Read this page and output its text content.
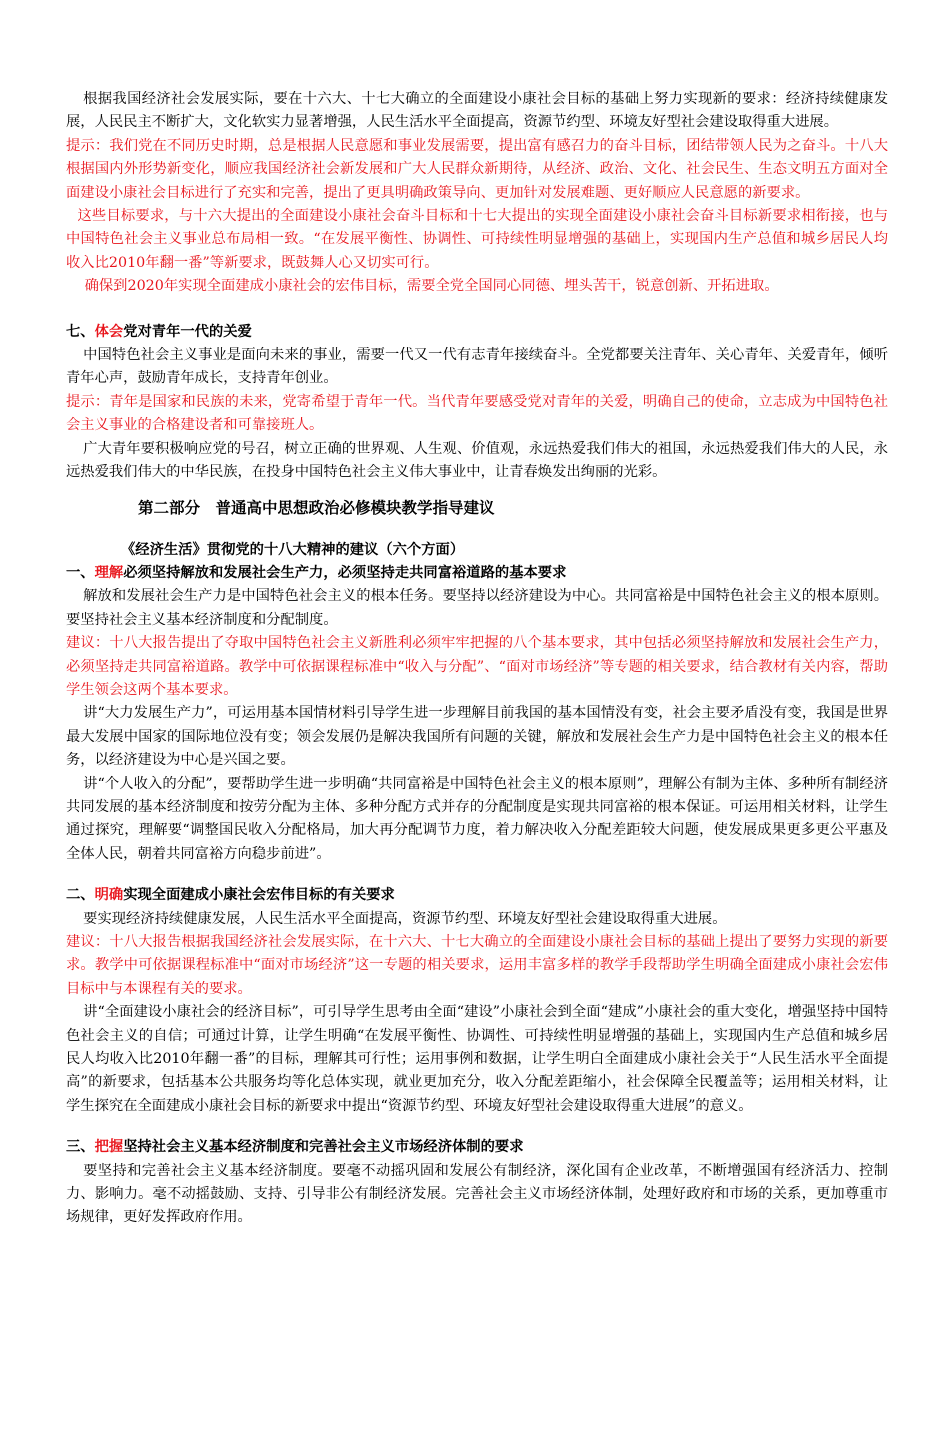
根据我国经济社会发展实际，要在十六大、十七大确立的全面建设小康社会目标的基础上努力实现新的要求：经济持续健康发展，人民民主不断扩大，文化软实力显著增强，人民生活水平全面提高，资源节约型、环境友好型社会建设取得重大进展。

提示：我们党在不同历史时期，总是根据人民意愿和事业发展需要，提出富有感召力的奋斗目标，团结带领人民为之奋斗。十八大根据国内外形势新变化，顺应我国经济社会新发展和广大人民群众新期待，从经济、政治、文化、社会民生、生态文明五方面对全面建设小康社会目标进行了充实和完善，提出了更具明确政策导向、更加针对发展难题、更好顺应人民意愿的新要求。

这些目标要求，与十六大提出的全面建设小康社会奋斗目标和十七大提出的实现全面建设小康社会奋斗目标新要求相衔接，也与中国特色社会主义事业总布局相一致。“在发展平衡性、协调性、可持续性明显增强的基础上，实现国内生产总值和城乡居民人均收入比2010年翻一番”等新要求，既鼓舞人心又切实可行。

确保到2020年实现全面建成小康社会的宏伟目标，需要全党全国同心同德、埋头苦干，锐意创新、开拓进取。

七、体会党对青年一代的关爱

中国特色社会主义事业是面向未来的事业，需要一代又一代有志青年接续奋斗。全党都要关注青年、关心青年、关爱青年，倾听青年心声，鼓励青年成长，支持青年创业。

提示：青年是国家和民族的未来，党寄希望于青年一代。当代青年要感受党对青年的关爱，明确自己的使命，立志成为中国特色社会主义事业的合格建设者和可靠接班人。

广大青年要积极响应党的号召，树立正确的世界观、人生观、价值观，永远热爱我们伟大的祖国，永远热爱我们伟大的人民，永远热爱我们伟大的中华民族，在投身中国特色社会主义伟大事业中，让青春焕发出绚丽的光彩。

第二部分　普通高中思想政治必修模块教学指导建议

《经济生活》贯彻党的十八大精神的建议（六个方面）

一、理解必须坚持解放和发展社会生产力，必须坚持走共同富裕道路的基本要求

解放和发展社会生产力是中国特色社会主义的根本任务。要坚持以经济建设为中心。共同富裕是中国特色社会主义的根本原则。要坚持社会主义基本经济制度和分配制度。

建议：十八大报告提出了夺取中国特色社会主义新胜利必须牢牢把握的八个基本要求，其中包括必须坚持解放和发展社会生产力，必须坚持走共同富裕道路。教学中可依据课程标准中“收入与分配”、“面对市场经济”等专题的相关要求，结合教材有关内容，帮助学生领会这两个基本要求。

讲“大力发展生产力”，可运用基本国情材料引导学生进一步理解目前我国的基本国情没有变，社会主要矛盾没有变，我国是世界最大发展中国家的国际地位没有变；领会发展仍是解决我国所有问题的关键，解放和发展社会生产力是中国特色社会主义的根本任务，以经济建设为中心是兴国之要。

讲“个人收入的分配”，要帮助学生进一步明确“共同富裕是中国特色社会主义的根本原则”，理解公有制为主体、多种所有制经济共同发展的基本经济制度和按劳分配为主体、多种分配方式并存的分配制度是实现共同富裕的根本保证。可运用相关材料，让学生通过探究，理解要“调整国民收入分配格局，加大再分配调节力度，着力解决收入分配差距较大问题，使发展成果更多更公平惠及全体人民，朝着共同富裕方向稳步前进”。

二、明确实现全面建成小康社会宏伟目标的有关要求

要实现经济持续健康发展，人民生活水平全面提高，资源节约型、环境友好型社会建设取得重大进展。

建议：十八大报告根据我国经济社会发展实际，在十六大、十七大确立的全面建设小康社会目标的基础上提出了要努力实现的新要求。教学中可依据课程标准中“面对市场经济”这一专题的相关要求，运用丰富多样的教学手段帮助学生明确全面建成小康社会宏伟目标中与本课程有关的要求。

讲“全面建设小康社会的经济目标”，可引导学生思考由全面“建设”小康社会到全面“建成”小康社会的重大变化，增强坚持中国特色社会主义的自信；可通过计算，让学生明确“在发展平衡性、协调性、可持续性明显增强的基础上，实现国内生产总值和城乡居民人均收入比2010年翻一番”的目标，理解其可行性；运用事例和数据，让学生明白全面建成小康社会关于“人民生活水平全面提高”的新要求，包括基本公共服务均等化总体实现，就业更加充分，收入分配差距缩小，社会保障全民覆盖等；运用相关材料，让学生探究在全面建成小康社会目标的新要求中提出“资源节约型、环境友好型社会建设取得重大进展”的意义。

三、把握坚持社会主义基本经济制度和完善社会主义市场经济体制的要求

要坚持和完善社会主义基本经济制度。要毫不动摇巩固和发展公有制经济，深化国有企业改革，不断增强国有经济活力、控制力、影响力。毫不动摇鼓励、支持、引导非公有制经济发展。完善社会主义市场经济体制，处理好政府和市场的关系，更加尊重市场规律，更好发挥政府作用。
